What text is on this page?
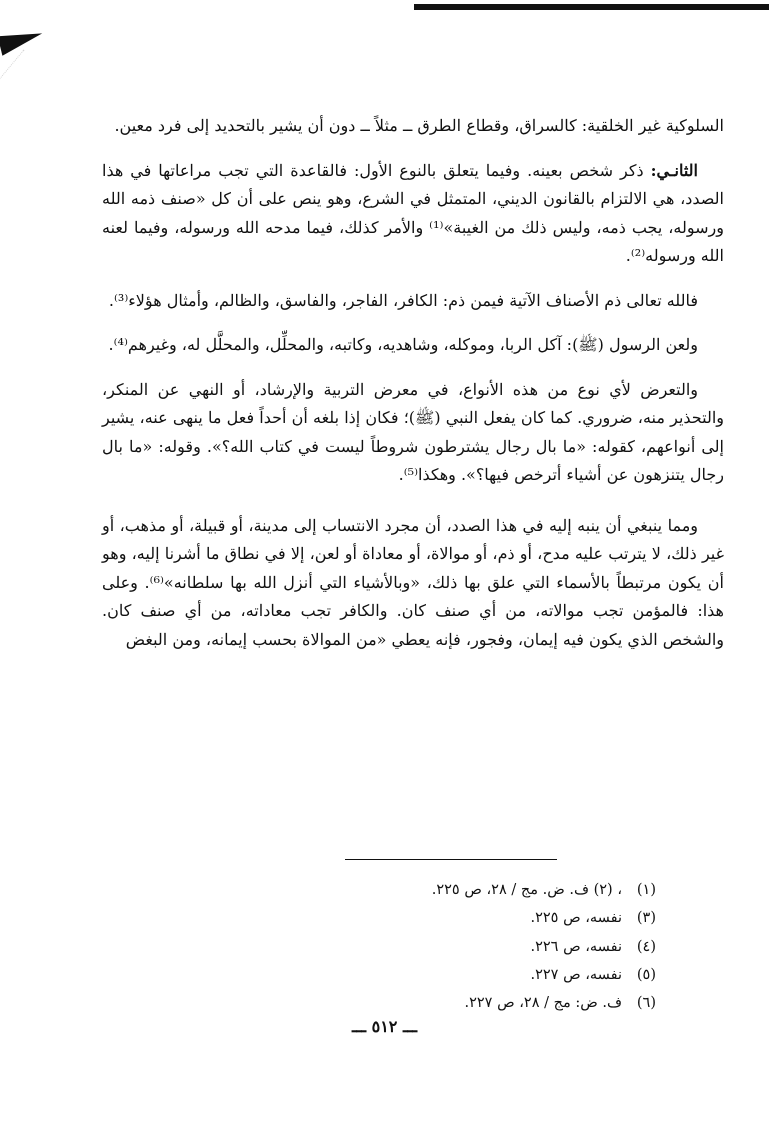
السلوكية غير الخلقية: كالسراق، وقطاع الطرق ــ مثلاً ــ دون أن يشير بالتحديد إلى فرد معين.

الثانـي: ذكر شخص بعينه. وفيما يتعلق بالنوع الأول: فالقاعدة التي تجب مراعاتها في هذا الصدد، هي الالتزام بالقانون الديني، المتمثل في الشرع، وهو ينص على أن كل «صنف ذمه الله ورسوله، يجب ذمه، وليس ذلك من الغيبة»⁽¹⁾ والأمر كذلك، فيما مدحه الله ورسوله، وفيما لعنه الله ورسوله⁽²⁾.

فالله تعالى ذم الأصناف الآتية فيمن ذم: الكافر، الفاجر، والفاسق، والظالم، وأمثال هؤلاء⁽³⁾.

ولعن الرسول (ﷺ): آكل الربا، وموكله، وشاهديه، وكاتبه، والمحلِّل، والمحلَّل له، وغيرهم⁽⁴⁾.

والتعرض لأي نوع من هذه الأنواع، في معرض التربية والإرشاد، أو النهي عن المنكر، والتحذير منه، ضروري. كما كان يفعل النبي (ﷺ)؛ فكان إذا بلغه أن أحداً فعل ما ينهى عنه، يشير إلى أنواعهم، كقوله: «ما بال رجال يشترطون شروطاً ليست في كتاب الله؟». وقوله: «ما بال رجال يتنزهون عن أشياء أترخص فيها؟». وهكذا⁽⁵⁾.

ومما ينبغي أن ينبه إليه في هذا الصدد، أن مجرد الانتساب إلى مدينة، أو قبيلة، أو مذهب، أو غير ذلك، لا يترتب عليه مدح، أو ذم، أو موالاة، أو معاداة أو لعن، إلا في نطاق ما أشرنا إليه، وهو أن يكون مرتبطاً بالأسماء التي علق بها ذلك، «وبالأشياء التي أنزل الله بها سلطانه»⁽⁶⁾. وعلى هذا: فالمؤمن تجب موالاته، من أي صنف كان. والكافر تجب معاداته، من أي صنف كان. والشخص الذي يكون فيه إيمان، وفجور، فإنه يعطي «من الموالاة بحسب إيمانه، ومن البغض

(١)
، (٢) ف. ض. مج / ٢٨، ص ٢٢٥.
(٣)
نفسه، ص ٢٢٥.
(٤)
نفسه، ص ٢٢٦.
(٥)
نفسه، ص ٢٢٧.
(٦)
ف. ض: مج / ٢٨، ص ٢٢٧.
ـــ ٥١٢ ـــ
